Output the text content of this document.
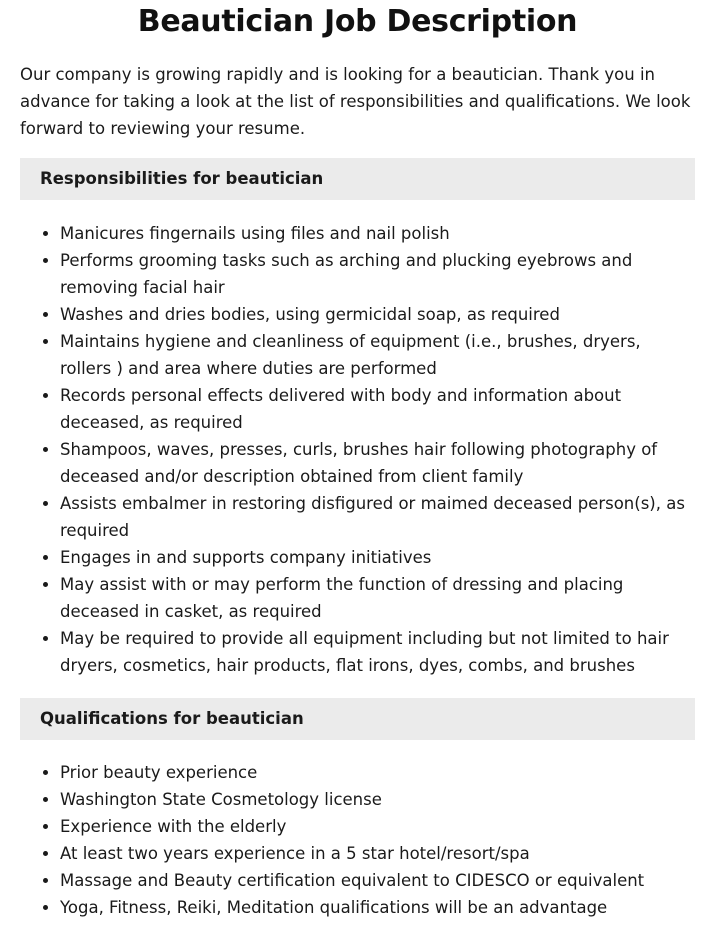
Beautician Job Description

Our company is growing rapidly and is looking for a beautician. Thank you in advance for taking a look at the list of responsibilities and qualifications. We look forward to reviewing your resume.

Responsibilities for beautician
Manicures fingernails using files and nail polish
Performs grooming tasks such as arching and plucking eyebrows and removing facial hair
Washes and dries bodies, using germicidal soap, as required
Maintains hygiene and cleanliness of equipment (i.e., brushes, dryers, rollers ) and area where duties are performed
Records personal effects delivered with body and information about deceased, as required
Shampoos, waves, presses, curls, brushes hair following photography of deceased and/or description obtained from client family
Assists embalmer in restoring disfigured or maimed deceased person(s), as required
Engages in and supports company initiatives
May assist with or may perform the function of dressing and placing deceased in casket, as required
May be required to provide all equipment including but not limited to hair dryers, cosmetics, hair products, flat irons, dyes, combs, and brushes
Qualifications for beautician
Prior beauty experience
Washington State Cosmetology license
Experience with the elderly
At least two years experience in a 5 star hotel/resort/spa
Massage and Beauty certification equivalent to CIDESCO or equivalent
Yoga, Fitness, Reiki, Meditation qualifications will be an advantage
